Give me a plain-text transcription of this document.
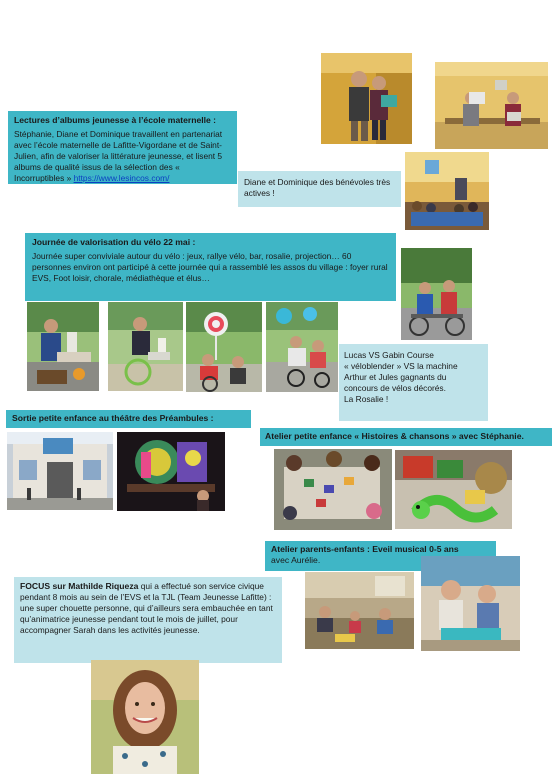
Lectures d’albums jeunesse à l’école maternelle :
Stéphanie, Diane et Dominique travaillent en partenariat avec l’école maternelle de Lafitte-Vigordane et de Saint-Julien, afin de valoriser la littérature jeunesse, et lisent 5 albums de qualité issus de la sélection des « Incorruptibles » https://www.lesincos.com/	Diane et Dominique des bénévoles très actives !
Journée de valorisation du vélo 22 mai :
Journée super conviviale autour du vélo : jeux, rallye vélo, bar, rosalie, projection… 60 personnes environ ont participé à cette journée qui a rassemblé les assos du village : foyer rural EVS, Foot loisir, chorale, médiathèque et élus…
Lucas VS Gabin Course
« véloblender » VS la machine
Arthur et Jules gagnants du
concours de vélos décorés.
La Rosalie !
Sortie petite enfance au théâtre des Préambules :
Atelier petite enfance « Histoires & chansons » avec Stéphanie.
Atelier parents-enfants : Eveil musical 0-5 ans
avec Aurélie.
FOCUS sur Mathilde Riqueza qui a effectué son service civique pendant 8 mois au sein de l’EVS et la TJL (Team Jeunesse Lafitte) : une super chouette personne, qui d’ailleurs sera embauchée en tant qu’animatrice jeunesse pendant tout le mois de juillet, pour accompagner Sarah dans les activités jeunesse.
